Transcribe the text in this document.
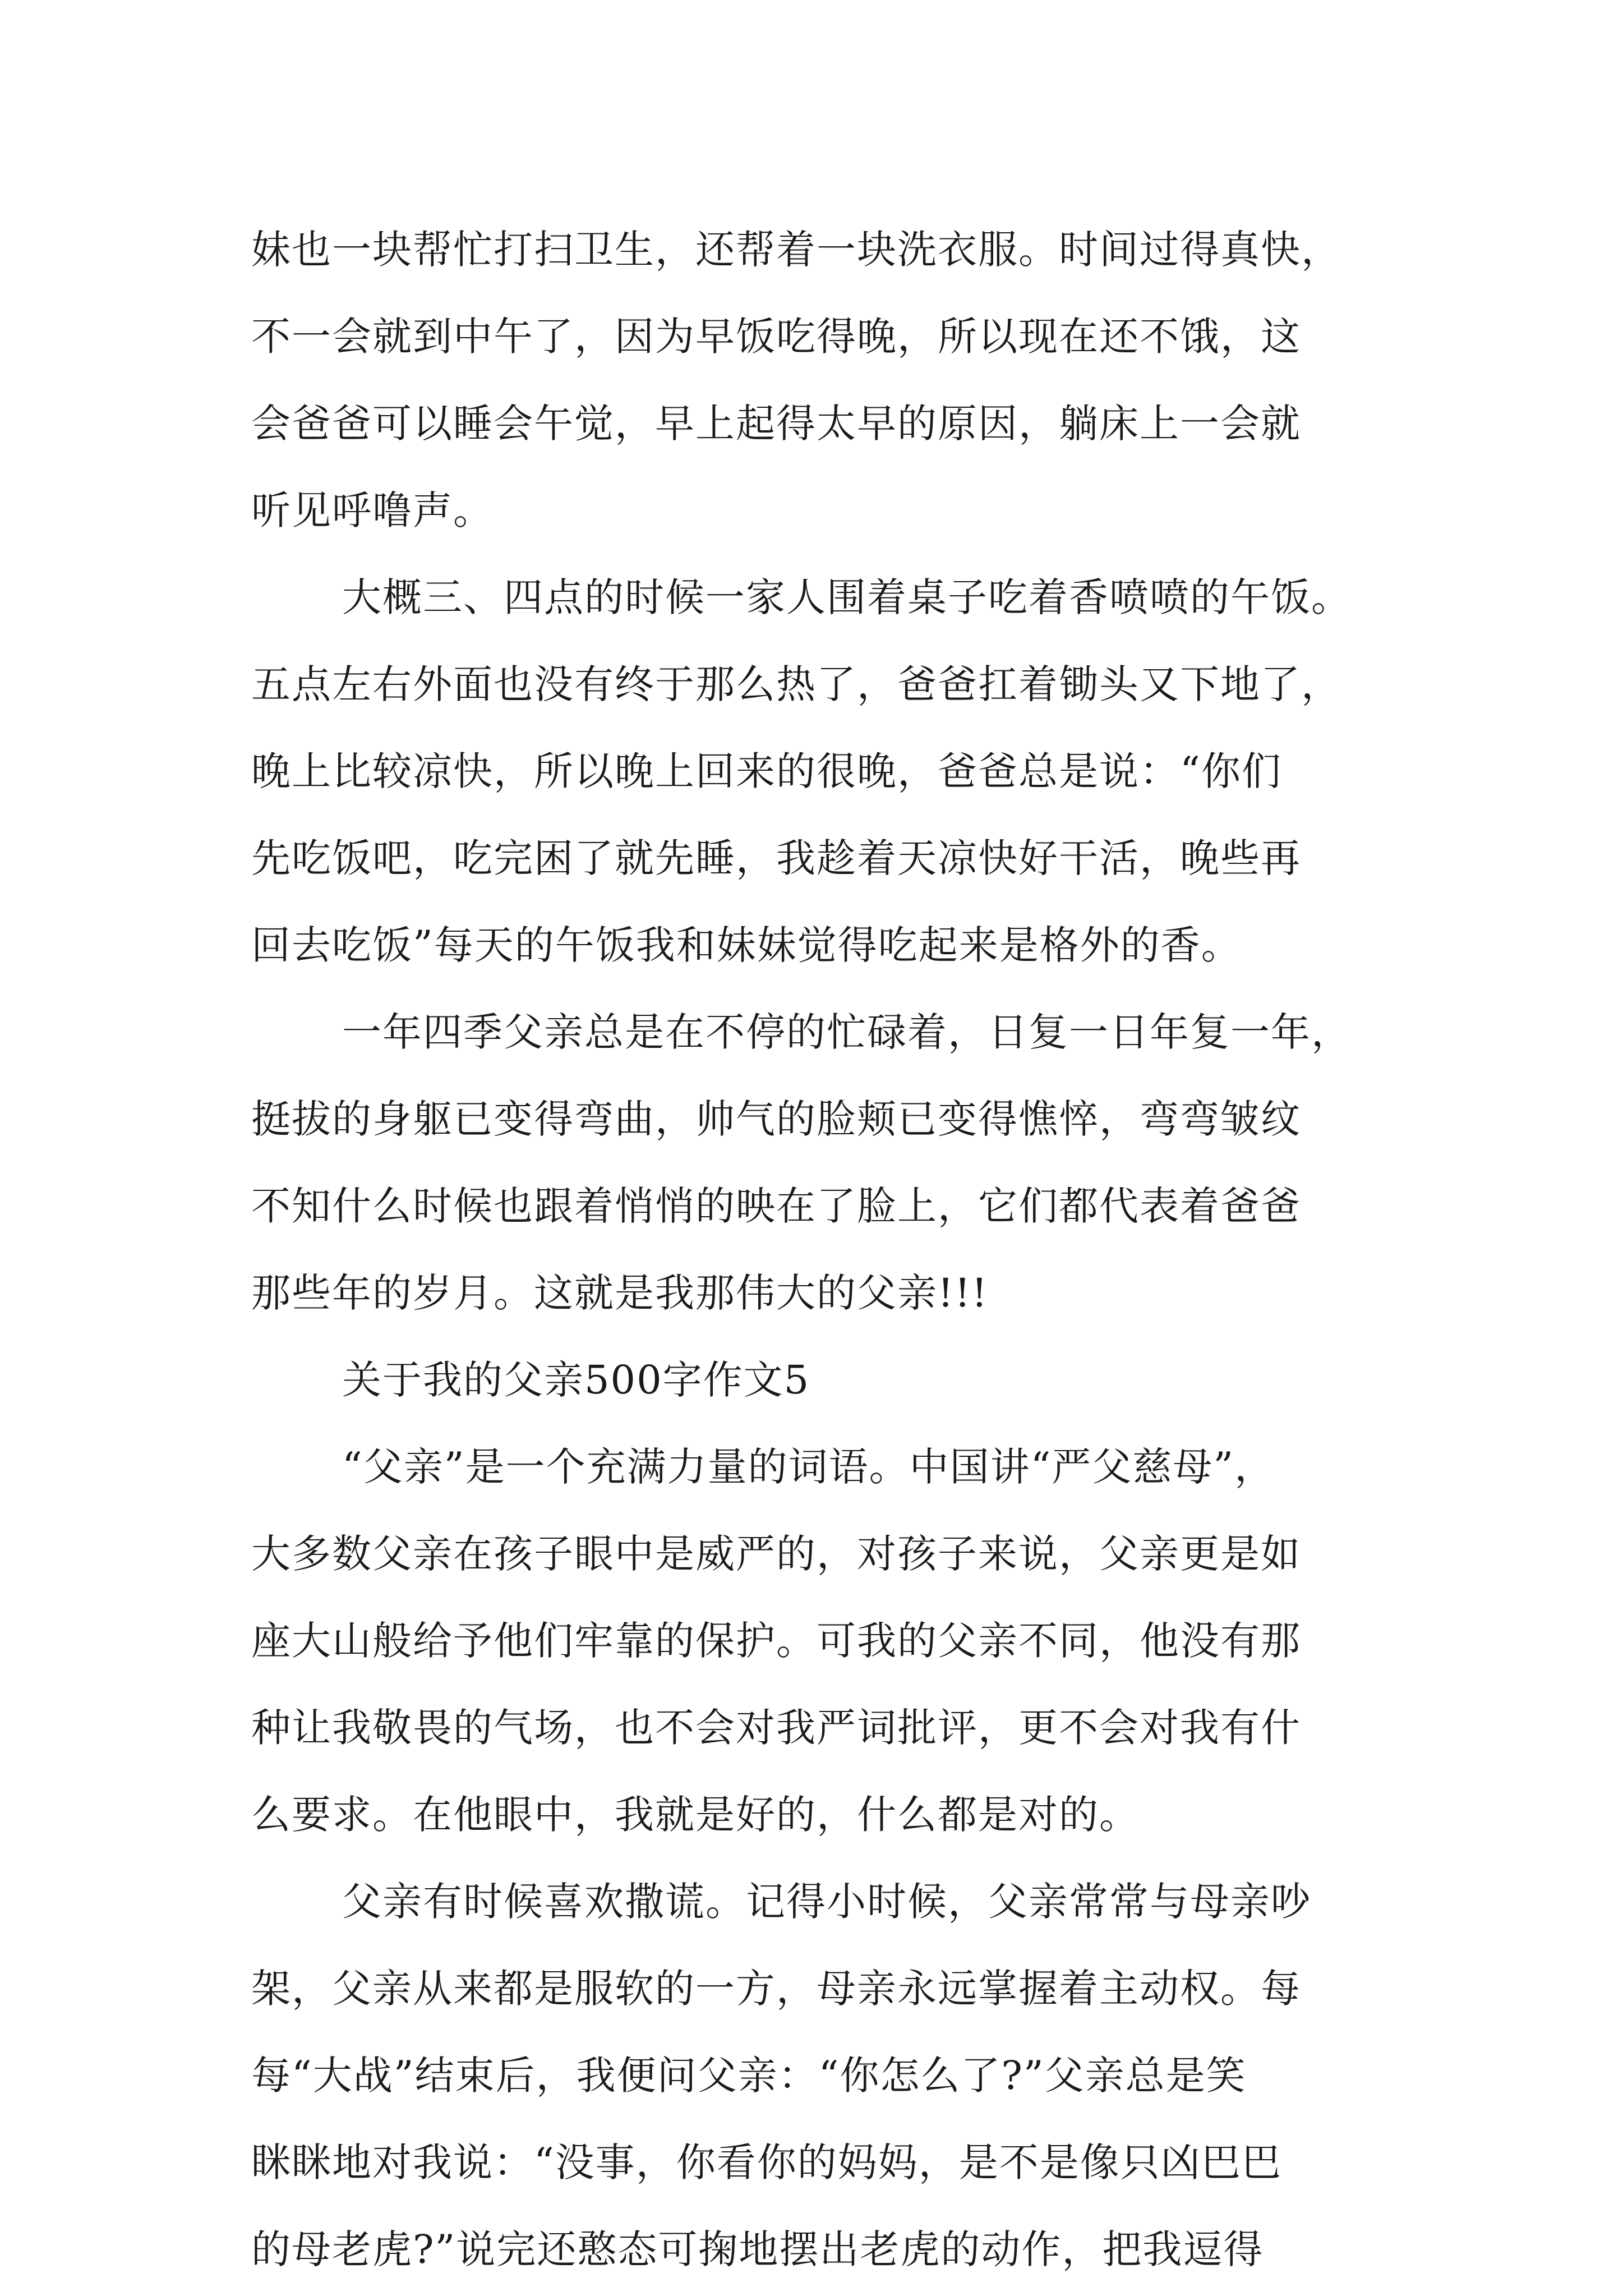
妹也一块帮忙打扫卫生，还帮着一块洗衣服。时间过得真快，
不一会就到中午了，因为早饭吃得晚，所以现在还不饿，这
会爸爸可以睡会午觉，早上起得太早的原因，躺床上一会就
听见呼噜声。
大概三、四点的时候一家人围着桌子吃着香喷喷的午饭。
五点左右外面也没有终于那么热了，爸爸扛着锄头又下地了，
晚上比较凉快，所以晚上回来的很晚，爸爸总是说：“你们
先吃饭吧，吃完困了就先睡，我趁着天凉快好干活，晚些再
回去吃饭”每天的午饭我和妹妹觉得吃起来是格外的香。
一年四季父亲总是在不停的忙碌着，日复一日年复一年，
挺拔的身躯已变得弯曲，帅气的脸颊已变得憔悴，弯弯皱纹
不知什么时候也跟着悄悄的映在了脸上，它们都代表着爸爸
那些年的岁月。这就是我那伟大的父亲!!!
关于我的父亲500字作文5
“父亲”是一个充满力量的词语。中国讲“严父慈母”，
大多数父亲在孩子眼中是威严的，对孩子来说，父亲更是如
座大山般给予他们牢靠的保护。可我的父亲不同，他没有那
种让我敬畏的气场，也不会对我严词批评，更不会对我有什
么要求。在他眼中，我就是好的，什么都是对的。
父亲有时候喜欢撒谎。记得小时候，父亲常常与母亲吵
架，父亲从来都是服软的一方，母亲永远掌握着主动权。每
每“大战”结束后，我便问父亲：“你怎么了?”父亲总是笑
眯眯地对我说：“没事，你看你的妈妈，是不是像只凶巴巴
的母老虎?”说完还憨态可掬地摆出老虎的动作，把我逗得
